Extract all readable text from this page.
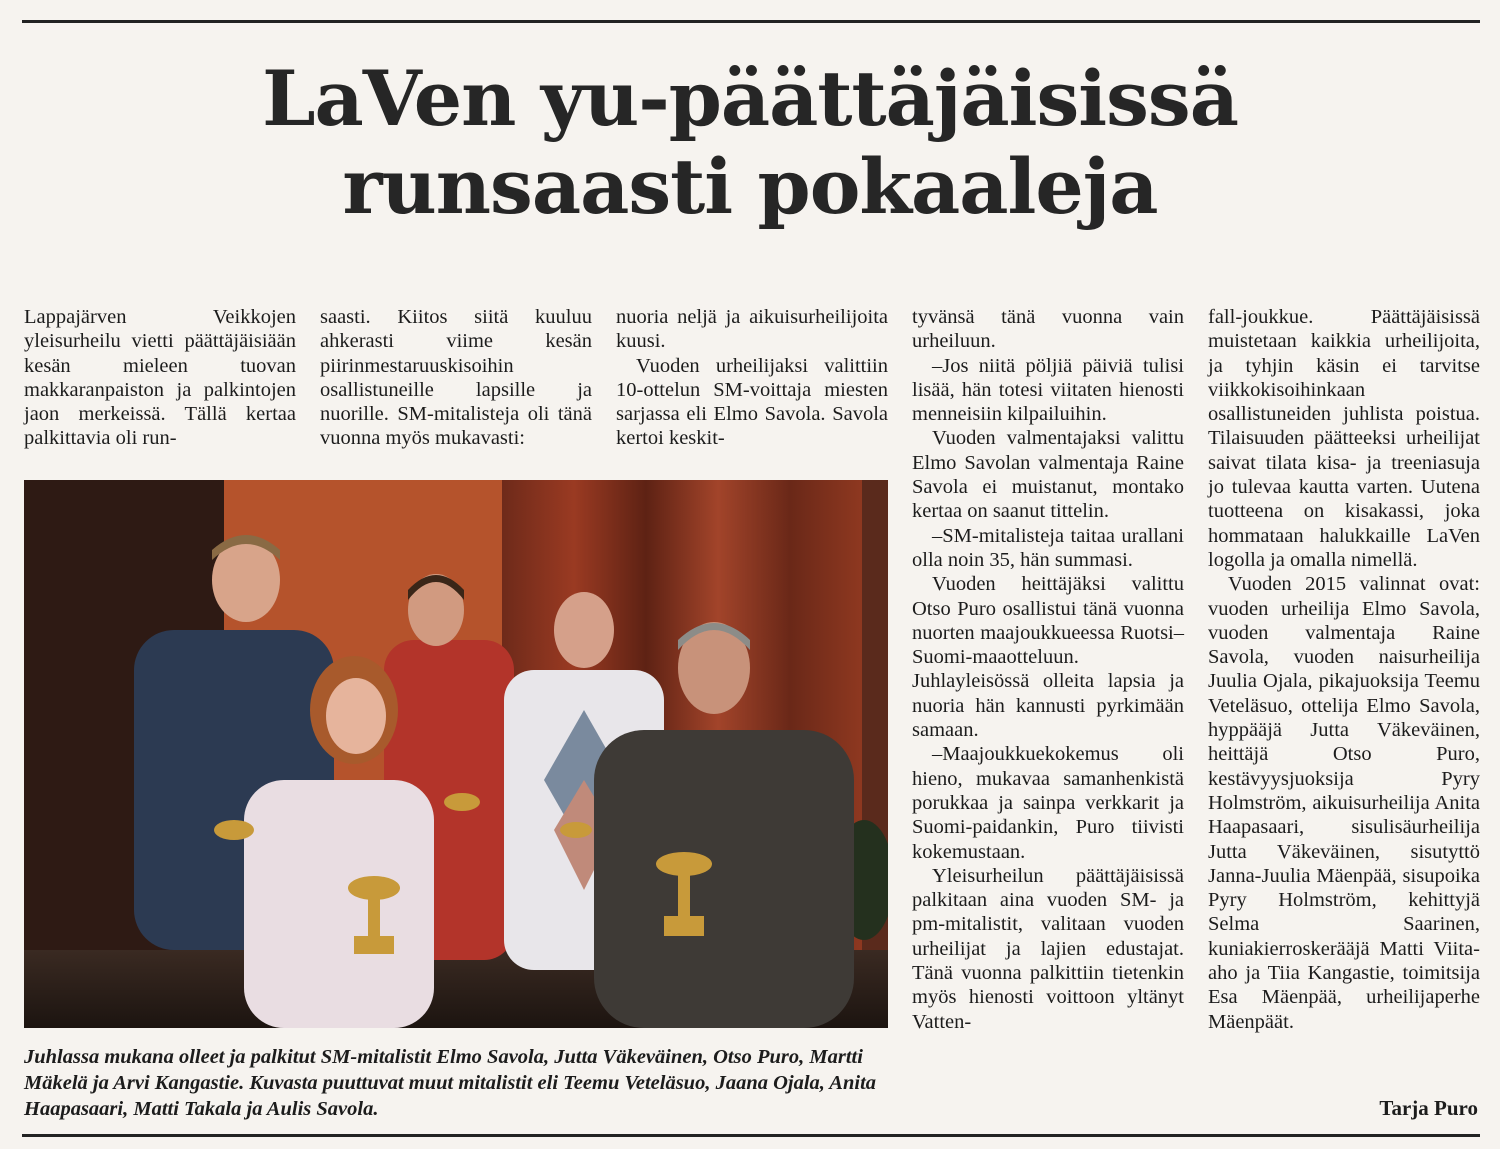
LaVen yu-päättäjäisissä
runsaasti pokaaleja

Lappajärven Veikkojen yleisurheilu vietti päättäjäisiään kesän mieleen tuovan makkaranpaiston ja palkintojen jaon merkeissä. Tällä kertaa palkittavia oli run-

saasti. Kiitos siitä kuuluu ahkerasti viime kesän piirinmestaruuskisoihin osallistuneille lapsille ja nuorille. SM-mitalisteja oli tänä vuonna myös mukavasti:

nuoria neljä ja aikuisurheilijoita kuusi.

Vuoden urheilijaksi valittiin 10-ottelun SM-voittaja miesten sarjassa eli Elmo Savola. Savola kertoi keskit-

tyvänsä tänä vuonna vain urheiluun.

–Jos niitä pöljiä päiviä tulisi lisää, hän totesi viitaten hienosti menneisiin kilpailuihin.

Vuoden valmentajaksi valittu Elmo Savolan valmentaja Raine Savola ei muistanut, montako kertaa on saanut tittelin.

–SM-mitalisteja taitaa urallani olla noin 35, hän summasi.

Vuoden heittäjäksi valittu Otso Puro osallistui tänä vuonna nuorten maajoukkueessa Ruotsi–Suomi-maaotteluun. Juhlayleisössä olleita lapsia ja nuoria hän kannusti pyrkimään samaan.

–Maajoukkuekokemus oli hieno, mukavaa samanhenkistä porukkaa ja sainpa verkkarit ja Suomi-paidankin, Puro tiivisti kokemustaan.

Yleisurheilun päättäjäisissä palkitaan aina vuoden SM- ja pm-mitalistit, valitaan vuoden urheilijat ja lajien edustajat. Tänä vuonna palkittiin tietenkin myös hienosti voittoon yltänyt Vatten-

fall-joukkue. Päättäjäisissä muistetaan kaikkia urheilijoita, ja tyhjin käsin ei tarvitse viikkokisoihinkaan osallistuneiden juhlista poistua. Tilaisuuden päätteeksi urheilijat saivat tilata kisa- ja treeniasuja jo tulevaa kautta varten. Uutena tuotteena on kisakassi, joka hommataan halukkaille LaVen logolla ja omalla nimellä.

Vuoden 2015 valinnat ovat: vuoden urheilija Elmo Savola, vuoden valmentaja Raine Savola, vuoden naisurheilija Juulia Ojala, pikajuoksija Teemu Veteläsuo, ottelija Elmo Savola, hyppääjä Jutta Väkeväinen, heittäjä Otso Puro, kestävyysjuoksija Pyry Holmström, aikuisurheilija Anita Haapasaari, sisulisäurheilija Jutta Väkeväinen, sisutyttö Janna-Juulia Mäenpää, sisupoika Pyry Holmström, kehittyjä Selma Saarinen, kuniakierroskerääjä Matti Viita-aho ja Tiia Kangastie, toimitsija Esa Mäenpää, urheilijaperhe Mäenpäät.

Juhlassa mukana olleet ja palkitut SM-mitalistit Elmo Savola, Jutta Väkeväinen, Otso Puro, Martti Mäkelä ja Arvi Kangastie. Kuvasta puuttuvat muut mitalistit eli Teemu Veteläsuo, Jaana Ojala, Anita Haapasaari, Matti Takala ja Aulis Savola.	Tarja Puro
